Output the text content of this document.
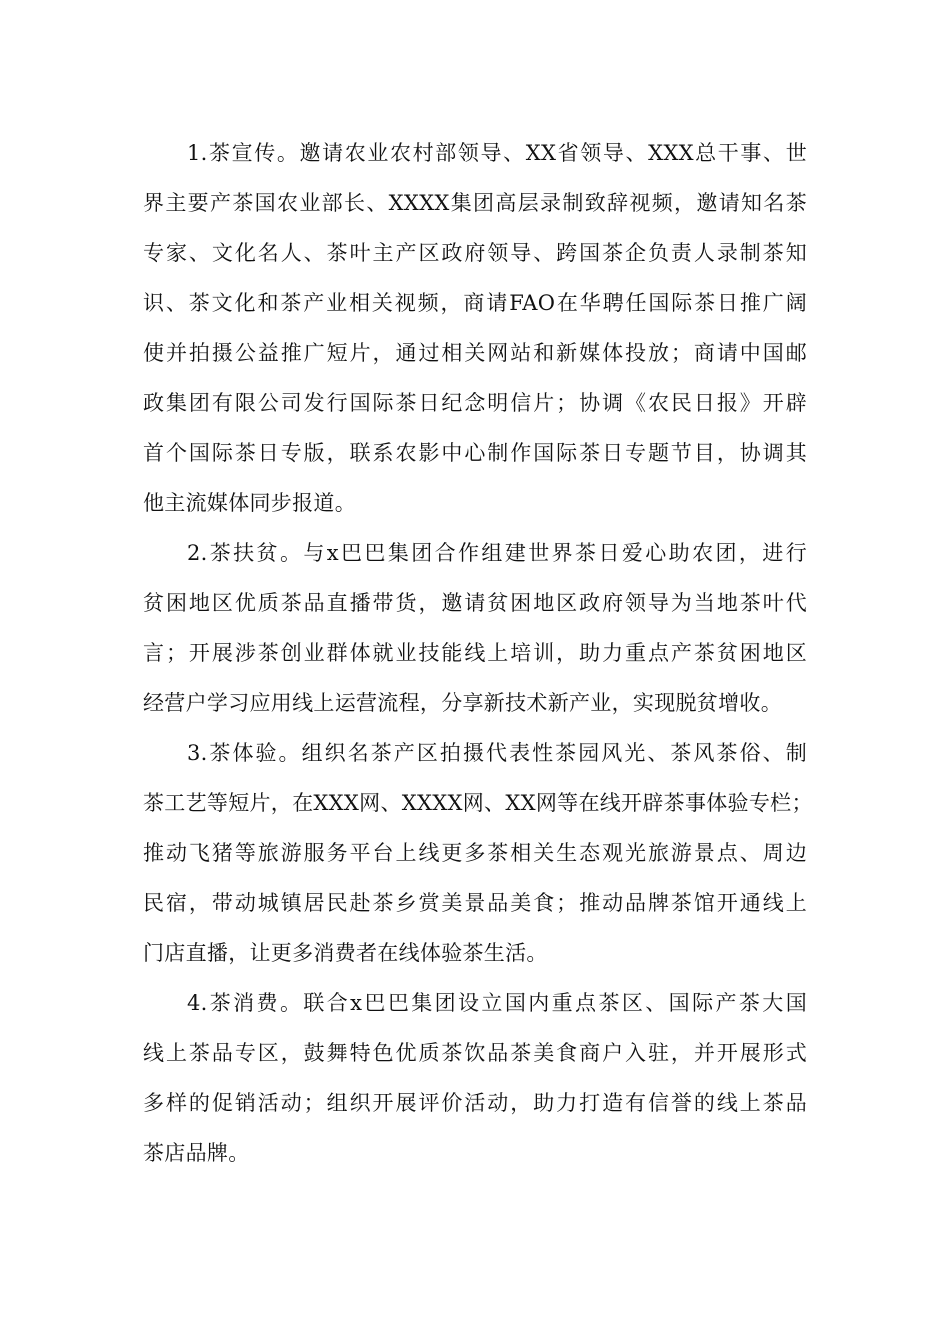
1.茶宣传。邀请农业农村部领导、XX省领导、XXX总干事、世
界主要产茶国农业部长、XXXX集团高层录制致辞视频，邀请知名茶
专家、文化名人、茶叶主产区政府领导、跨国茶企负责人录制茶知
识、茶文化和茶产业相关视频，商请FAO在华聘任国际茶日推广阔
使并拍摄公益推广短片，通过相关网站和新媒体投放；商请中国邮
政集团有限公司发行国际茶日纪念明信片；协调《农民日报》开辟
首个国际茶日专版，联系农影中心制作国际茶日专题节目，协调其
他主流媒体同步报道。
2.茶扶贫。与x巴巴集团合作组建世界茶日爱心助农团，进行
贫困地区优质茶品直播带货，邀请贫困地区政府领导为当地茶叶代
言；开展涉茶创业群体就业技能线上培训，助力重点产茶贫困地区
经营户学习应用线上运营流程，分享新技术新产业，实现脱贫增收。
3.茶体验。组织名茶产区拍摄代表性茶园风光、茶风茶俗、制
茶工艺等短片，在XXX网、XXXX网、XX网等在线开辟茶事体验专栏；
推动飞猪等旅游服务平台上线更多茶相关生态观光旅游景点、周边
民宿，带动城镇居民赴茶乡赏美景品美食；推动品牌茶馆开通线上
门店直播，让更多消费者在线体验茶生活。
4.茶消费。联合x巴巴集团设立国内重点茶区、国际产茶大国
线上茶品专区，鼓舞特色优质茶饮品茶美食商户入驻，并开展形式
多样的促销活动；组织开展评价活动，助力打造有信誉的线上茶品
茶店品牌。
